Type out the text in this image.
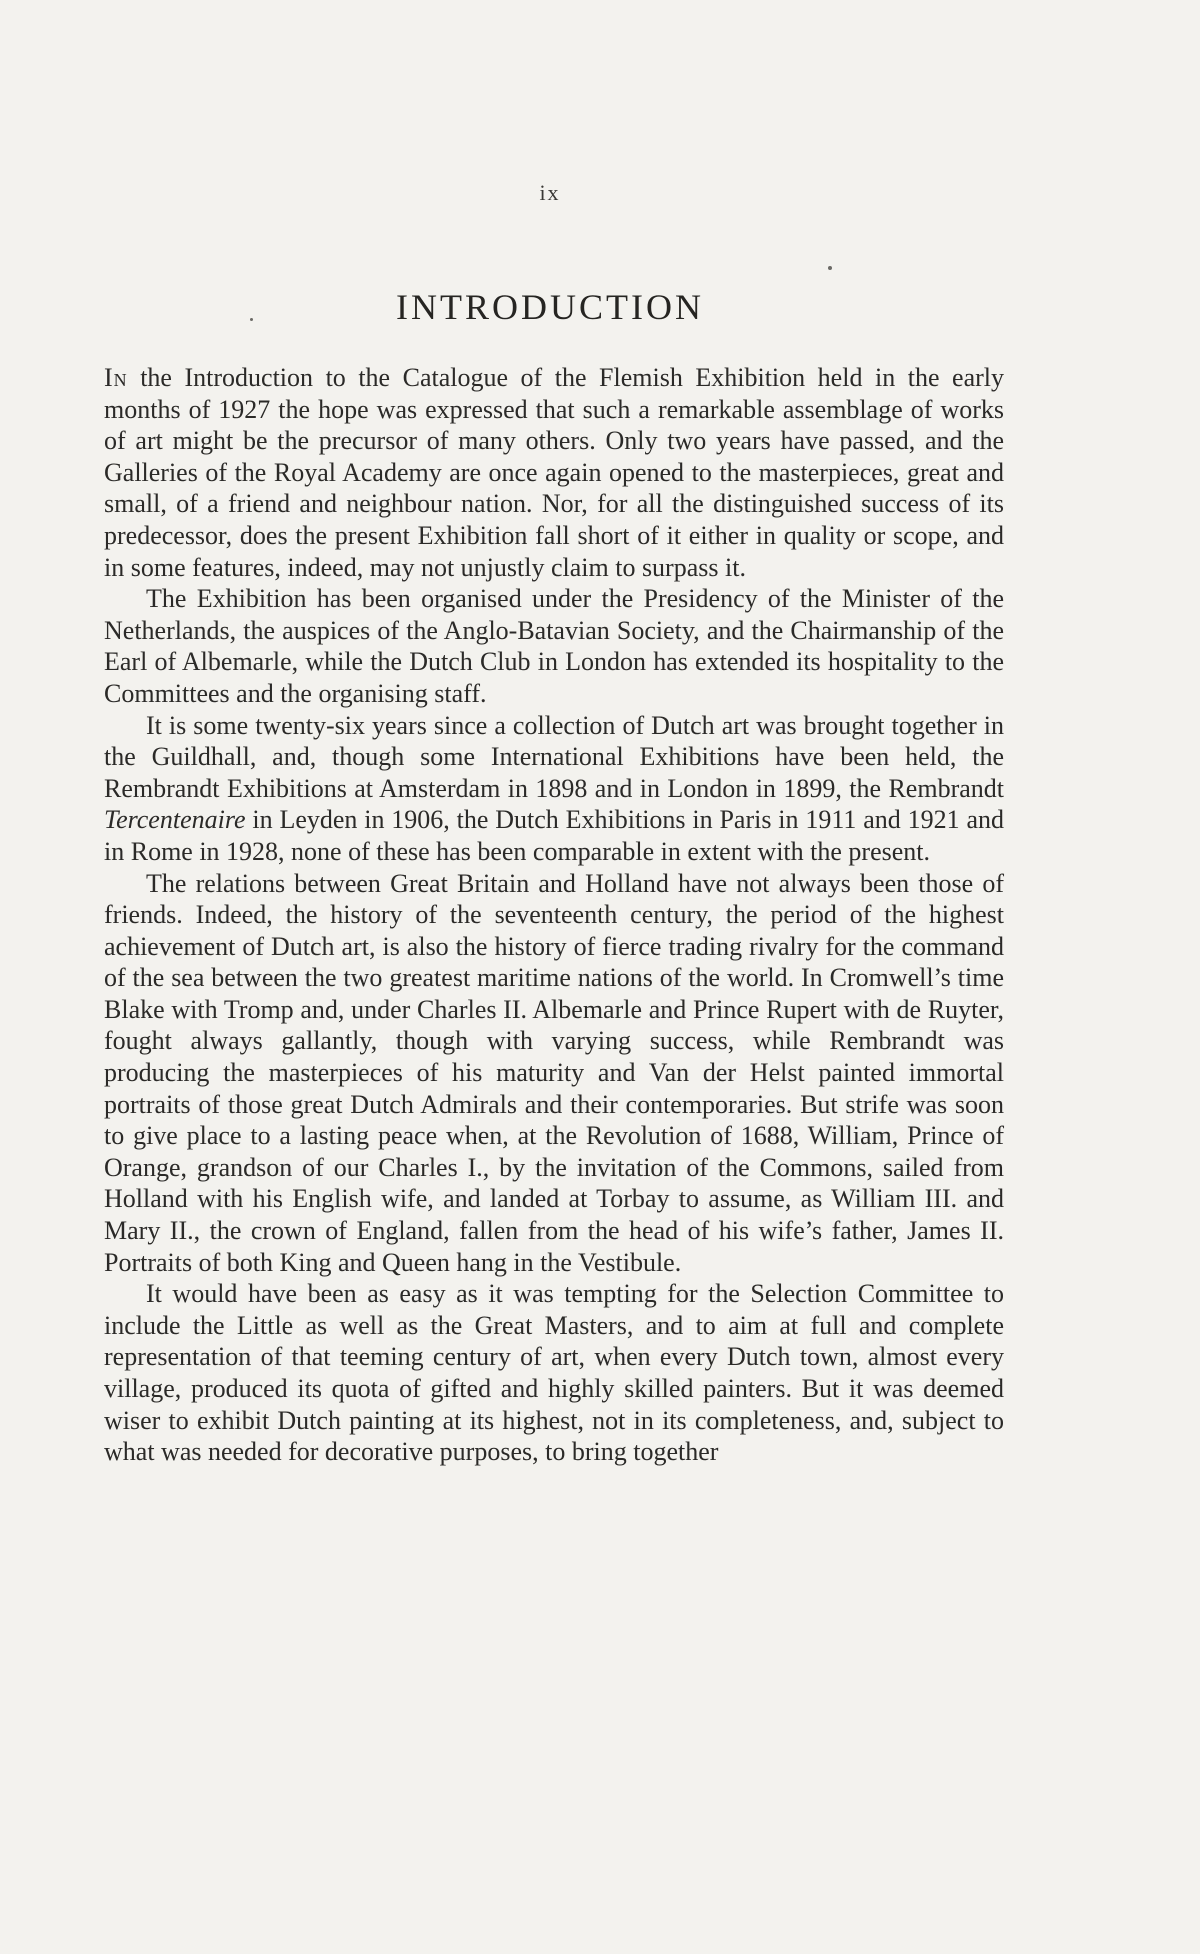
ix
INTRODUCTION

In the Introduction to the Catalogue of the Flemish Exhibition held in the early months of 1927 the hope was expressed that such a remarkable assemblage of works of art might be the precursor of many others. Only two years have passed, and the Galleries of the Royal Academy are once again opened to the masterpieces, great and small, of a friend and neighbour nation. Nor, for all the distinguished success of its predecessor, does the present Exhibition fall short of it either in quality or scope, and in some features, indeed, may not unjustly claim to surpass it.

The Exhibition has been organised under the Presidency of the Minister of the Netherlands, the auspices of the Anglo-Batavian Society, and the Chairmanship of the Earl of Albemarle, while the Dutch Club in London has extended its hospitality to the Committees and the organising staff.

It is some twenty-six years since a collection of Dutch art was brought together in the Guildhall, and, though some International Exhibitions have been held, the Rembrandt Exhibitions at Amsterdam in 1898 and in London in 1899, the Rembrandt Tercentenaire in Leyden in 1906, the Dutch Exhibitions in Paris in 1911 and 1921 and in Rome in 1928, none of these has been comparable in extent with the present.

The relations between Great Britain and Holland have not always been those of friends. Indeed, the history of the seventeenth century, the period of the highest achievement of Dutch art, is also the history of fierce trading rivalry for the command of the sea between the two greatest maritime nations of the world. In Cromwell’s time Blake with Tromp and, under Charles II. Albemarle and Prince Rupert with de Ruyter, fought always gallantly, though with varying success, while Rembrandt was producing the masterpieces of his maturity and Van der Helst painted immortal portraits of those great Dutch Admirals and their contemporaries. But strife was soon to give place to a lasting peace when, at the Revolution of 1688, William, Prince of Orange, grandson of our Charles I., by the invitation of the Commons, sailed from Holland with his English wife, and landed at Torbay to assume, as William III. and Mary II., the crown of England, fallen from the head of his wife’s father, James II. Portraits of both King and Queen hang in the Vestibule.

It would have been as easy as it was tempting for the Selection Committee to include the Little as well as the Great Masters, and to aim at full and complete representation of that teeming century of art, when every Dutch town, almost every village, produced its quota of gifted and highly skilled painters. But it was deemed wiser to exhibit Dutch painting at its highest, not in its completeness, and, subject to what was needed for decorative purposes, to bring together
